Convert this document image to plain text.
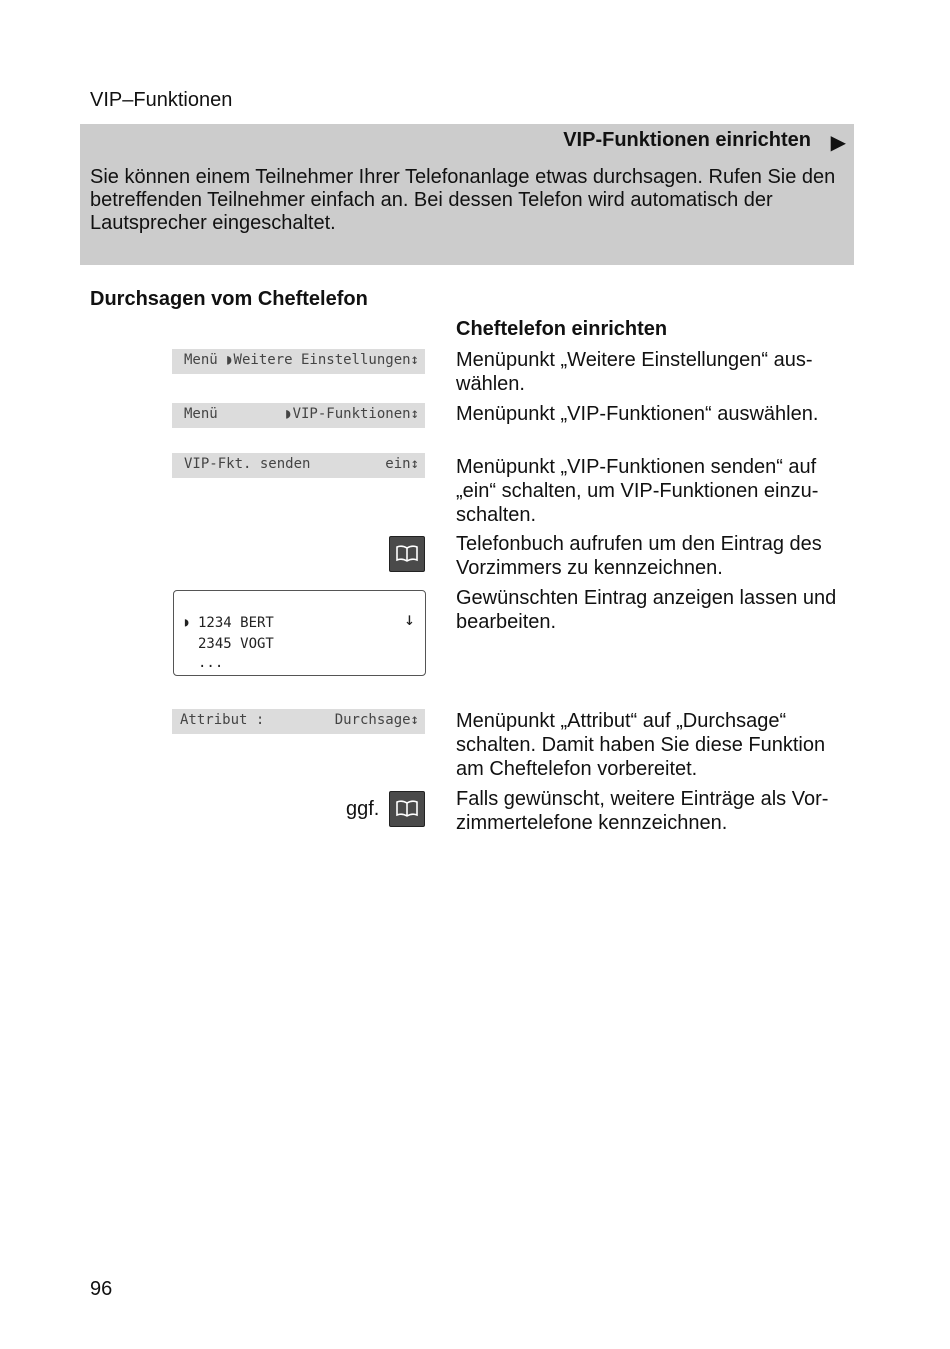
VIP–Funktionen
VIP-Funktionen einrichten ▶
Sie können einem Teilnehmer Ihrer Telefonanlage etwas durchsagen. Rufen Sie den betreffenden Teilnehmer einfach an. Bei dessen Telefon wird automatisch der Lautsprecher eingeschaltet.
Durchsagen vom Cheftelefon
Cheftelefon einrichten
Menü ◗Weitere Einstellungen↕ Menüpunkt „Weitere Einstellungen“ aus-
wählen.
Menü	◗VIP-Funktionen↕ Menüpunkt „VIP-Funktionen“ auswählen.
VIP-Fkt. senden	ein↕ Menüpunkt „VIP-Funktionen senden“ auf
„ein“ schalten, um VIP-Funktionen einzu-
schalten.
Telefonbuch aufrufen um den Eintrag des
Vorzimmers zu kennzeichnen.
◗	↓
1234 BERT
2345 VOGT
...
Gewünschten Eintrag anzeigen lassen und
bearbeiten.
Attribut :	Durchsage↕ Menüpunkt „Attribut“ auf „Durchsage“
schalten. Damit haben Sie diese Funktion
am Cheftelefon vorbereitet.
ggf.	Falls gewünscht, weitere Einträge als Vor-
zimmertelefone kennzeichnen.
96
